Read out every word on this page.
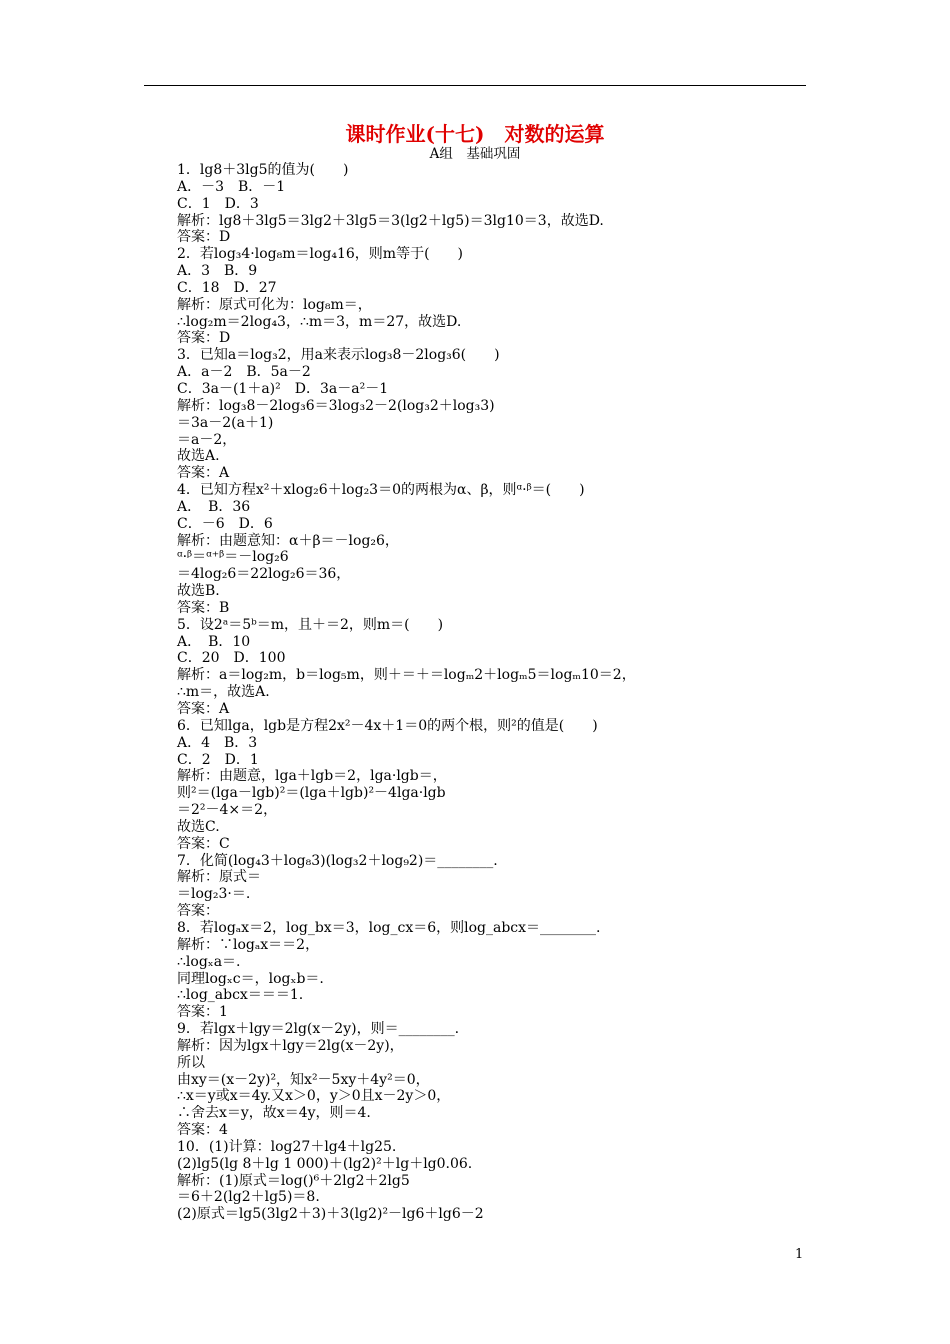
课时作业(十七)　对数的运算
A组　基础巩固
1．lg8＋3lg5的值为(　　)
A．－3　B．－1
C．1　D．3
解析：lg8＋3lg5＝3lg2＋3lg5＝3(lg2＋lg5)＝3lg10＝3，故选D.
答案：D
2．若log₃4·log₈m＝log₄16，则m等于(　　)
A．3　B．9
C．18　D．27
解析：原式可化为：log₈m＝，
∴log₂m＝2log₄3，∴m＝3，m＝27，故选D.
答案：D
3．已知a＝log₃2，用a来表示log₃8－2log₃6(　　)
A．a－2　B．5a－2
C．3a－(1＋a)²　D．3a－a²－1
解析：log₃8－2log₃6＝3log₃2－2(log₃2＋log₃3)
＝3a－2(a＋1)
＝a－2，
故选A.
答案：A
4．已知方程x²＋xlog₂6＋log₂3＝0的两根为α、β，则ᵅ·ᵝ＝(　　)
A．　B．36
C．－6　D．6
解析：由题意知：α＋β＝－log₂6，
ᵅ·ᵝ＝ᵅ⁺ᵝ＝－log₂6
＝4log₂6＝22log₂6＝36，
故选B.
答案：B
5．设2ᵃ＝5ᵇ＝m，且＋＝2，则m＝(　　)
A．　B．10
C．20　D．100
解析：a＝log₂m，b＝log₅m，则＋＝＋＝logₘ2＋logₘ5＝logₘ10＝2，
∴m＝，故选A.
答案：A
6．已知lga，lgb是方程2x²－4x＋1＝0的两个根，则²的值是(　　)
A．4　B．3
C．2　D．1
解析：由题意，lga＋lgb＝2，lga·lgb＝，
则²＝(lga－lgb)²＝(lga＋lgb)²－4lga·lgb
＝2²－4×＝2，
故选C.
答案：C
7．化简(log₄3＋log₈3)(log₃2＋log₉2)＝________.
解析：原式＝
＝log₂3·＝.
答案：
8．若logₐx＝2，log_bx＝3，log_cx＝6，则log_abcx＝________.
解析：∵logₐx＝＝2，
∴logₓa＝.
同理logₓc＝，logₓb＝.
∴log_abcx＝＝＝1.
答案：1
9．若lgx＋lgy＝2lg(x－2y)，则＝________.
解析：因为lgx＋lgy＝2lg(x－2y)，
所以
由xy＝(x－2y)²，知x²－5xy＋4y²＝0，
∴x＝y或x＝4y.又x＞0，y＞0且x－2y＞0，
∴舍去x＝y，故x＝4y，则＝4.
答案：4
10．(1)计算：log27＋lg4＋lg25.
(2)lg5(lg 8＋lg 1 000)＋(lg2)²＋lg＋lg0.06.
解析：(1)原式＝log()⁶＋2lg2＋2lg5
＝6＋2(lg2＋lg5)＝8.
(2)原式＝lg5(3lg2＋3)＋3(lg2)²－lg6＋lg6－2
1
